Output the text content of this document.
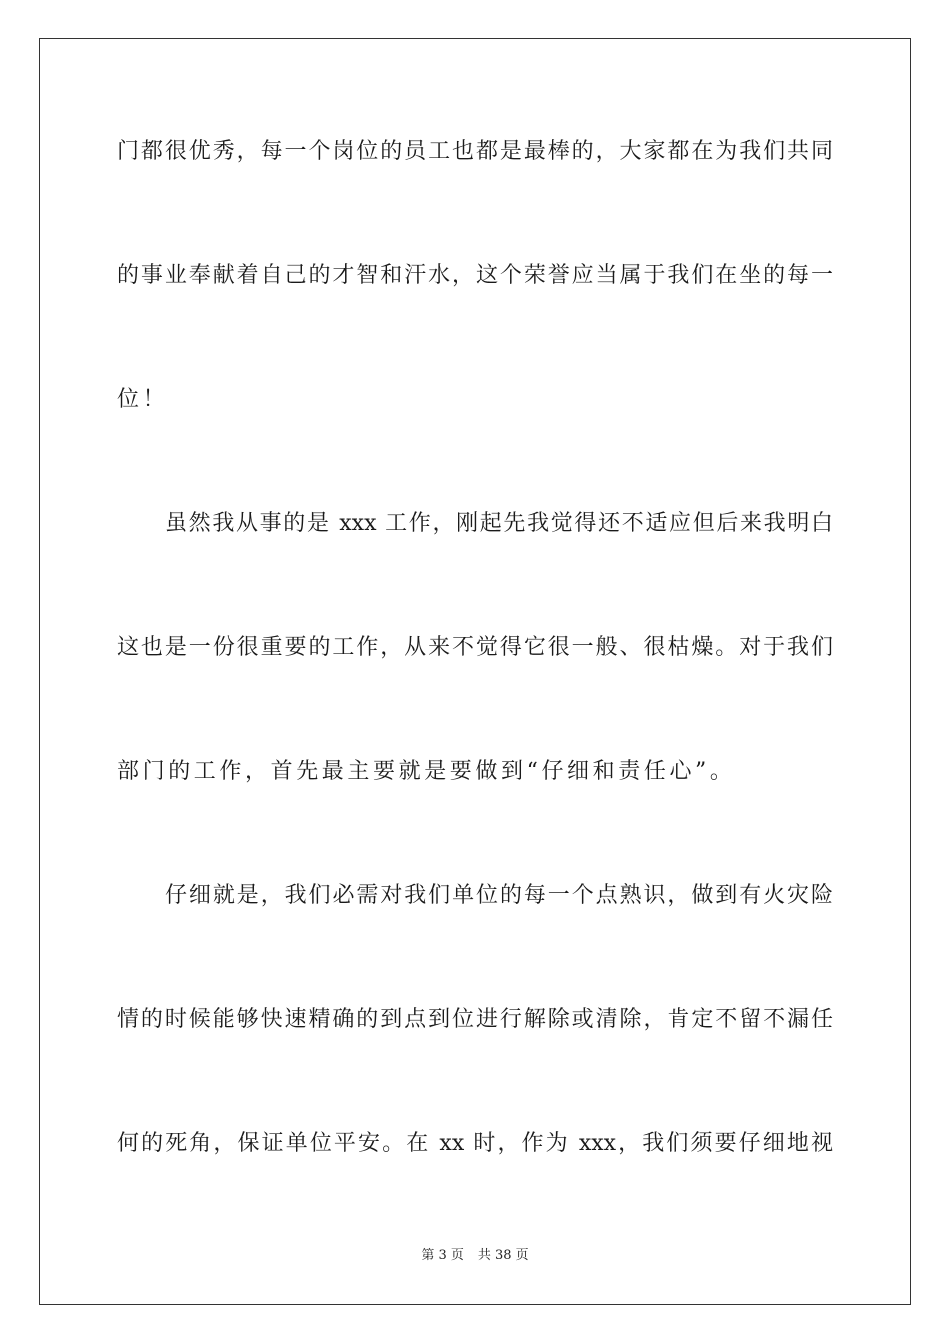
门都很优秀，每一个岗位的员工也都是最棒的，大家都在为我们共同
的事业奉献着自己的才智和汗水，这个荣誉应当属于我们在坐的每一
位！
虽然我从事的是 xxx 工作，刚起先我觉得还不适应但后来我明白
这也是一份很重要的工作，从来不觉得它很一般、很枯燥。对于我们
部门的工作，首先最主要就是要做到“仔细和责任心”。
仔细就是，我们必需对我们单位的每一个点熟识，做到有火灾险
情的时候能够快速精确的到点到位进行解除或清除，肯定不留不漏任
何的死角，保证单位平安。在 xx 时，作为 xxx，我们须要仔细地视
第 3 页 共 38 页
